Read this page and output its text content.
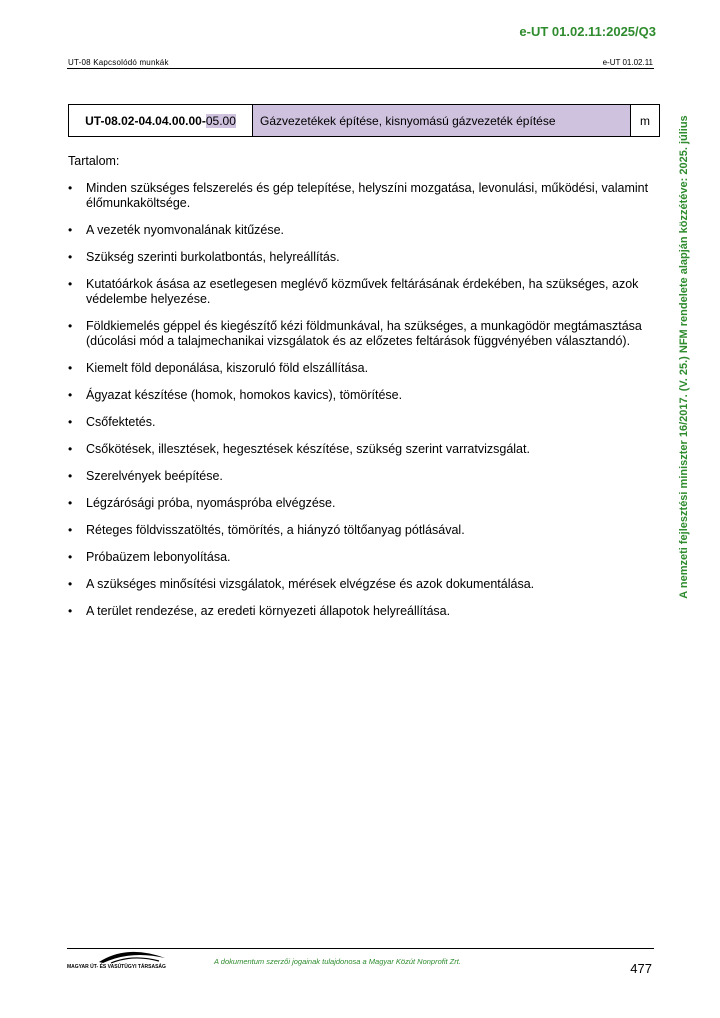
e-UT 01.02.11:2025/Q3
UT-08 Kapcsolódó munkák	e-UT 01.02.11
UT-08.02-04.04.00.00- 05.00	Gázvezetékek építése, kisnyomású gázvezeték építése	m
Tartalom:
• Minden szükséges felszerelés és gép telepítése, helyszíni mozgatása, levonulási, működési, valamint élőmunkaköltsége.
• A vezeték nyomvonalának kitűzése.
• Szükség szerinti burkolatbontás, helyreállítás.
• Kutatóárkok ásása az esetlegesen meglévő közművek feltárásának érdekében, ha szükséges, azok védelembe helyezése.
• Földkiemelés géppel és kiegészítő kézi földmunkával, ha szükséges, a munkagödör megtámasztása (dúcolási mód a talajmechanikai vizsgálatok és az előzetes feltárások függvényében választandó).
• Kiemelt föld deponálása, kiszoruló föld elszállítása.
• Ágyazat készítése (homok, homokos kavics), tömörítése.
• Csőfektetés.
• Csőkötések, illesztések, hegesztések készítése, szükség szerint varratvizsgálat.
• Szerelvények beépítése.
• Légzárósági próba, nyomáspróba elvégzése.
• Réteges földvisszatöltés, tömörítés, a hiányzó töltőanyag pótlásával.
• Próbaüzem lebonyolítása.
• A szükséges minősítési vizsgálatok, mérések elvégzése és azok dokumentálása.
• A terület rendezése, az eredeti környezeti állapotok helyreállítása.
A nemzeti fejlesztési miniszter 16/2017. (V. 25.) NFM rendelete alapján közzétéve: 2025. július
MAGYAR ÚT- ÉS VASÚTÜGYI TÁRSASÁG
A dokumentum szerzői jogainak tulajdonosa a Magyar Közút Nonprofit Zrt.	477
